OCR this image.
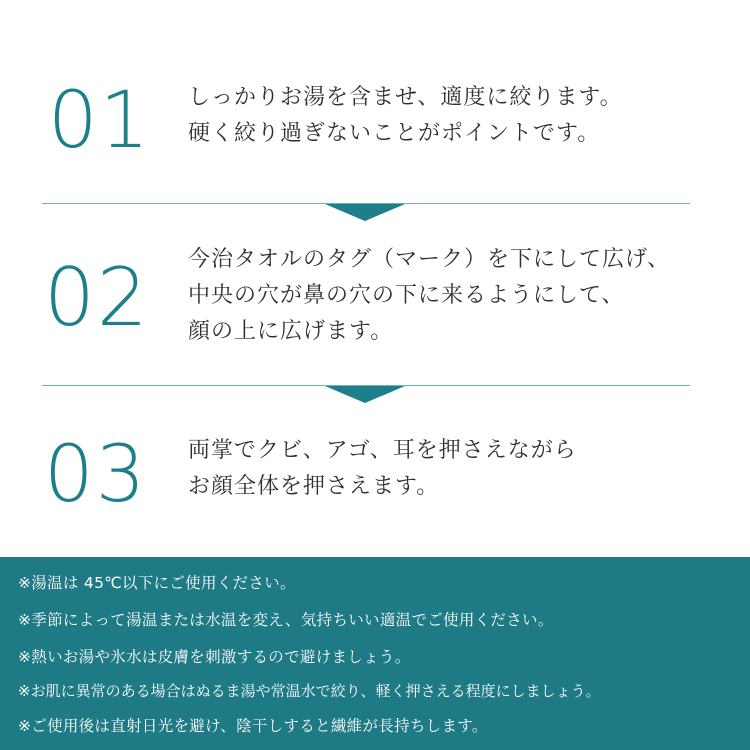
01 しっかりお湯を含ませ、適度に絞ります。
硬く絞り過ぎないことがポイントです。
02 今治タオルのタグ（マーク）を下にして広げ、
中央の穴が鼻の穴の下に来るようにして、
顔の上に広げます。
03 両掌でクビ、アゴ、耳を押さえながら
お顔全体を押さえます。
※湯温は 45℃以下にご使用ください。
※季節によって湯温または水温を変え、気持ちいい適温でご使用ください。
※熱いお湯や氷水は皮膚を刺激するので避けましょう。
※お肌に異常のある場合はぬるま湯や常温水で絞り、軽く押さえる程度にしましょう。
※ご使用後は直射日光を避け、陰干しすると繊維が長持ちします。
